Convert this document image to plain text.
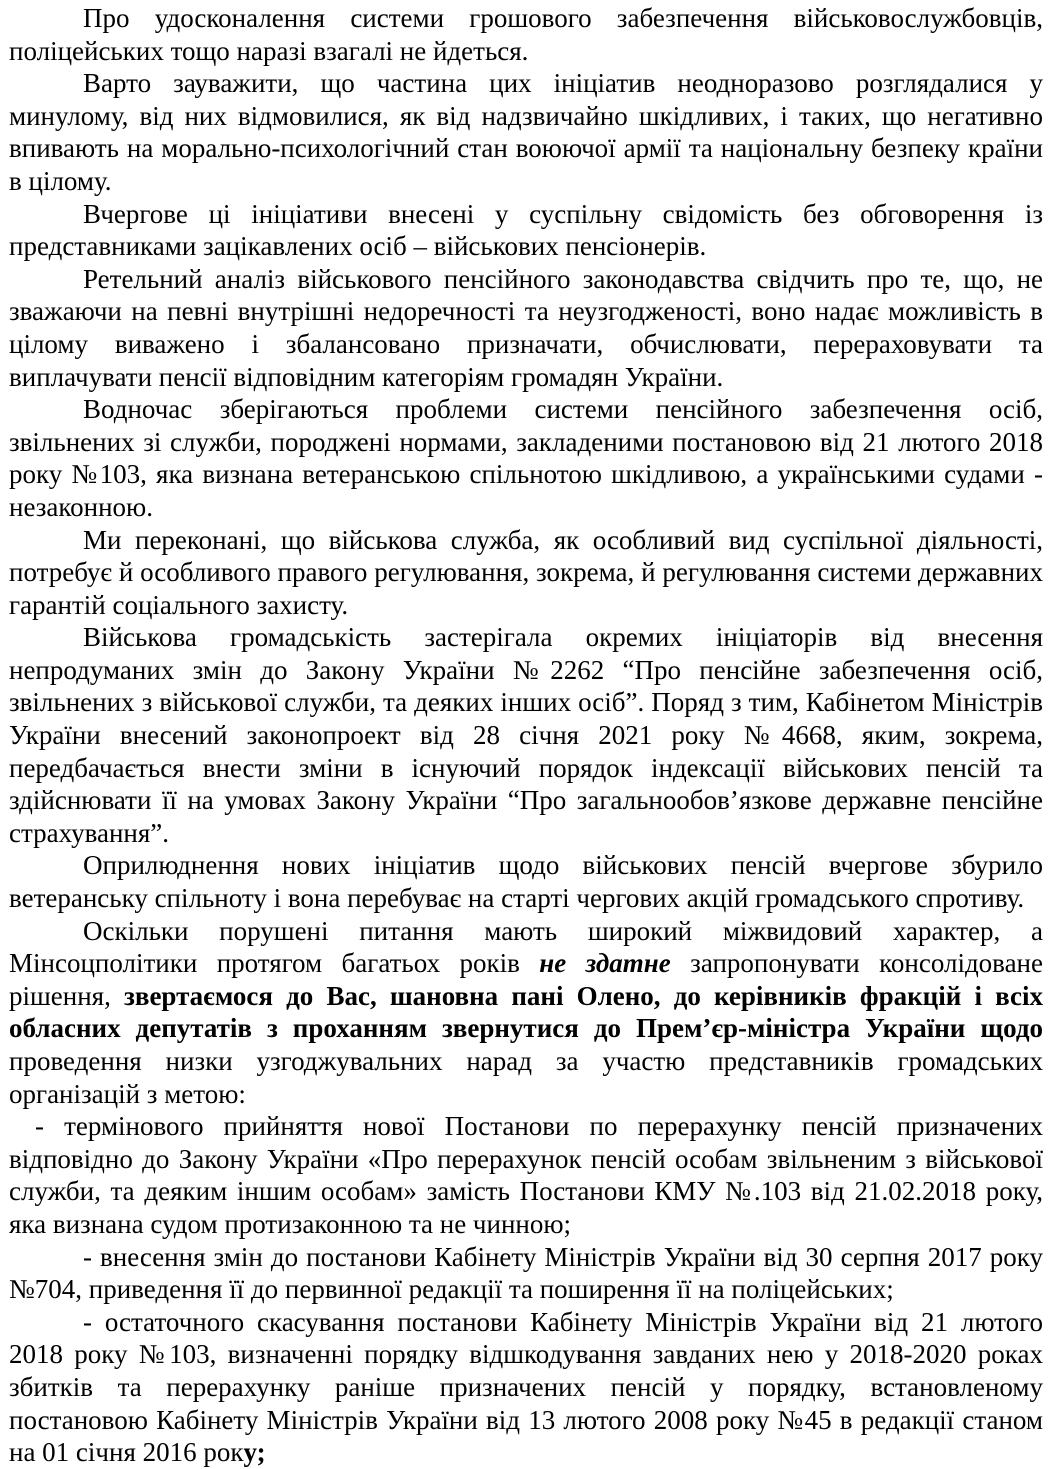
Про удосконалення системи грошового забезпечення військовослужбовців, поліцейських тощо наразі взагалі не йдеться.

Варто зауважити, що частина цих ініціатив неодноразово розглядалися у минулому, від них відмовилися, як від надзвичайно шкідливих, і таких, що негативно впивають на морально-психологічний стан воюючої армії та національну безпеку країни в цілому.

Вчергове ці ініціативи внесені у суспільну свідомість без обговорення із представниками зацікавлених осіб – військових пенсіонерів.

Ретельний аналіз військового пенсійного законодавства свідчить про те, що, не зважаючи на певні внутрішні недоречності та неузгодженості, воно надає можливість в цілому виважено і збалансовано призначати, обчислювати, перераховувати та виплачувати пенсії відповідним категоріям громадян України.

Водночас зберігаються проблеми системи пенсійного забезпечення осіб, звільнених зі служби, породжені нормами, закладеними постановою від 21 лютого 2018 року №103, яка визнана ветеранською спільнотою шкідливою, а українськими судами - незаконною.

Ми переконані, що військова служба, як особливий вид суспільної діяльності, потребує й особливого правого регулювання, зокрема, й регулювання системи державних гарантій соціального захисту.

Військова громадськість застерігала окремих ініціаторів від внесення непродуманих змін до Закону України №2262 “Про пенсійне забезпечення осіб, звільнених з військової служби, та деяких інших осіб”. Поряд з тим, Кабінетом Міністрів України внесений законопроект від 28 січня 2021 року №4668, яким, зокрема, передбачається внести зміни в існуючий порядок індексації військових пенсій та здійснювати її на умовах Закону України “Про загальнообов’язкове державне пенсійне страхування”.

Оприлюднення нових ініціатив щодо військових пенсій вчергове збурило ветеранську спільноту і вона перебуває на старті чергових акцій громадського спротиву.

Оскільки порушені питання мають широкий міжвидовий характер, а Мінсоцполітики протягом багатьох років не здатне запропонувати консолідоване рішення, звертаємося до Вас, шановна пані Олено, до керівників фракцій і всіх обласних депутатів з проханням звернутися до Прем’єр-міністра України щодо проведення низки узгоджувальних нарад за участю представників громадських організацій з метою:

- термінового прийняття нової Постанови по перерахунку пенсій призначених відповідно до Закону України «Про перерахунок пенсій особам звільненим з військової служби, та деяким іншим особам» замість Постанови КМУ №.103 від 21.02.2018 року, яка визнана судом протизаконною та не чинною;

- внесення змін до постанови Кабінету Міністрів України від 30 серпня 2017 року №704, приведення її до первинної редакції та поширення її на поліцейських;

- остаточного скасування постанови Кабінету Міністрів України від 21 лютого 2018 року №103, визначенні порядку відшкодування завданих нею у 2018-2020 роках збитків та перерахунку раніше призначених пенсій у порядку, встановленому постановою Кабінету Міністрів України від 13 лютого 2008 року №45 в редакції станом на 01 січня 2016 року;
